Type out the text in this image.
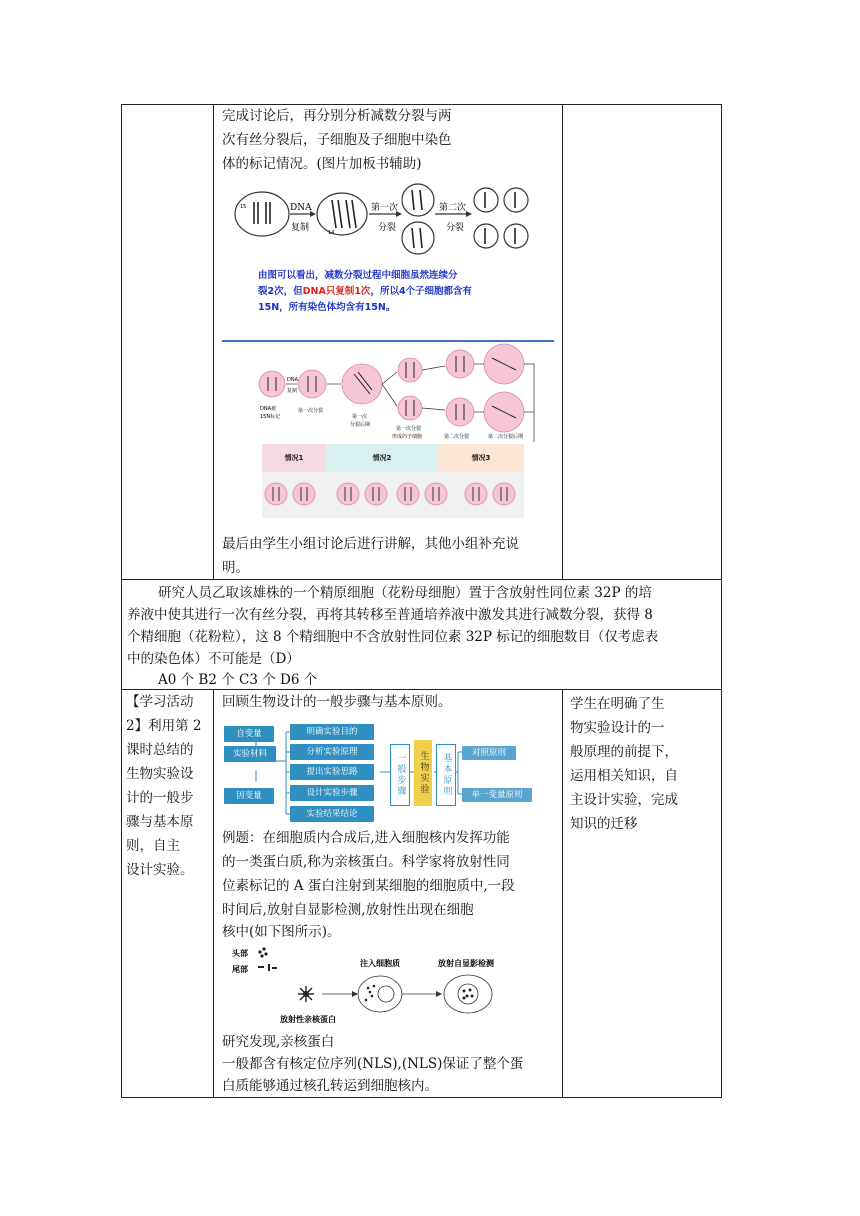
完成讨论后，再分别分析减数分裂与两
次有丝分裂后，子细胞及子细胞中染色
体的标记情况。(图片加板书辅助)
15
14
DNA
复制
第一次
分裂
第二次
分裂
由图可以看出，减数分裂过程中细胞虽然连续分
裂2次，但DNA只复制1次，所以4个子细胞都含有
15N，所有染色体均含有15N。
DNA
复制
DNA被
15N标记
第一次分裂
第一次
分裂后期
第一次分裂
形成的子细胞	第二次分裂	第二次分裂后期
情况1	情况2	情况3
最后由学生小组讨论后进行讲解，其他小组补充说
明。
研究人员乙取该雄株的一个精原细胞（花粉母细胞）置于含放射性同位素 32P 的培
养液中使其进行一次有丝分裂，再将其转移至普通培养液中激发其进行减数分裂，获得 8
个精细胞（花粉粒），这 8 个精细胞中不含放射性同位素 32P 标记的细胞数目（仅考虑表
中的染色体）不可能是（D）
A0 个 B2 个 C3 个 D6 个
【学习活动
2】利用第 2
课时总结的
生物实验设
计的一般步
骤与基本原
则，自主
设计实验。
回顾生物设计的一般步骤与基本原则。
自变量
实验材料
因变量
明确实验目的
分析实验原理
提出实验思路
设计实验步骤
实验结果结论
一般步骤 生物实验 基本原则	对照原则
单一变量原则
例题：在细胞质内合成后,进入细胞核内发挥功能
的一类蛋白质,称为亲核蛋白。科学家将放射性同
位素标记的 A 蛋白注射到某细胞的细胞质中,一段
时间后,放射自显影检测,放射性出现在细胞
核中(如下图所示)。
头部
尾部
注入细胞质	放射自显影检测
放射性亲核蛋白
研究发现,亲核蛋白
一般都含有核定位序列(NLS),(NLS)保证了整个蛋
白质能够通过核孔转运到细胞核内。
学生在明确了生
物实验设计的一
般原理的前提下，
运用相关知识，自
主设计实验，完成
知识的迁移
